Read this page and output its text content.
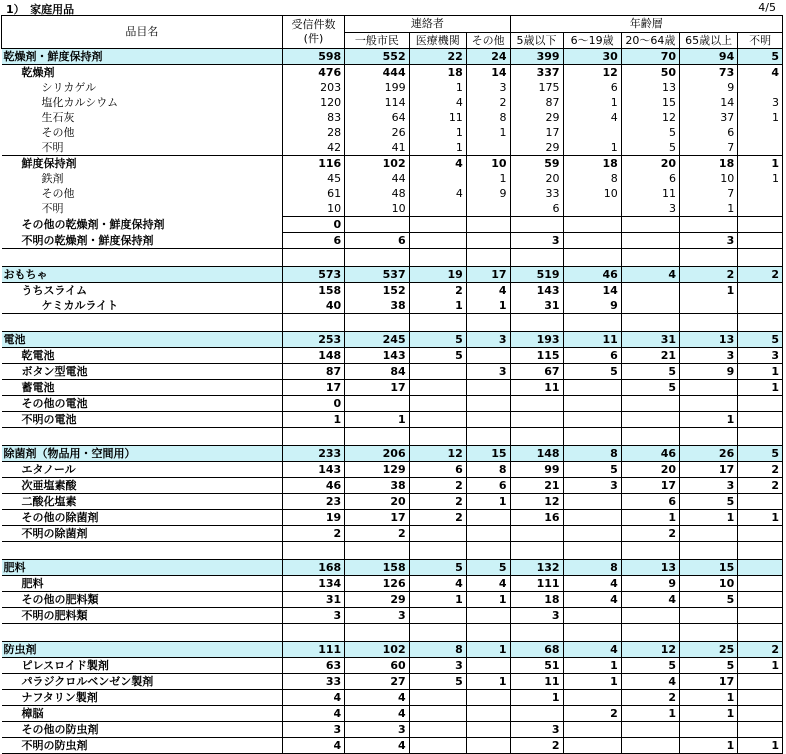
1）　家庭用品	4/5
品目名	受信件数
(件)	連絡者			年齢層				
		一般市民	医療機関	その他	5歳以下	6～19歳	20～64歳	65歳以上	不明
乾燥剤・鮮度保持剤	598	552	22	24	399	30	70	94	5
乾燥剤	476	444	18	14	337	12	50	73	4
シリカゲル	203	199	1	3	175	6	13	9	
塩化カルシウム	120	114	4	2	87	1	15	14	3
生石灰	83	64	11	8	29	4	12	37	1
その他	28	26	1	1	17		5	6	
不明	42	41	1		29	1	5	7	
鮮度保持剤	116	102	4	10	59	18	20	18	1
鉄剤	45	44		1	20	8	6	10	1
その他	61	48	4	9	33	10	11	7	
不明	10	10			6		3	1	
その他の乾燥剤・鮮度保持剤	0								
不明の乾燥剤・鮮度保持剤	6	6			3			3	

おもちゃ	573	537	19	17	519	46	4	2	2
うちスライム	158	152	2	4	143	14		1	
ケミカルライト	40	38	1	1	31	9			

電池	253	245	5	3	193	11	31	13	5
乾電池	148	143	5		115	6	21	3	3
ボタン型電池	87	84		3	67	5	5	9	1
蓄電池	17	17			11		5		1
その他の電池	0								
不明の電池	1	1						1	

除菌剤（物品用・空間用）	233	206	12	15	148	8	46	26	5
エタノール	143	129	6	8	99	5	20	17	2
次亜塩素酸	46	38	2	6	21	3	17	3	2
二酸化塩素	23	20	2	1	12		6	5	
その他の除菌剤	19	17	2		16		1	1	1
不明の除菌剤	2	2					2		

肥料	168	158	5	5	132	8	13	15	
肥料	134	126	4	4	111	4	9	10	
その他の肥料類	31	29	1	1	18	4	4	5	
不明の肥料類	3	3			3				

防虫剤	111	102	8	1	68	4	12	25	2
ピレスロイド製剤	63	60	3		51	1	5	5	1
パラジクロルベンゼン製剤	33	27	5	1	11	1	4	17	
ナフタリン製剤	4	4			1		2	1	
樟脳	4	4				2	1	1	
その他の防虫剤	3	3			3				
不明の防虫剤	4	4			2			1	1
